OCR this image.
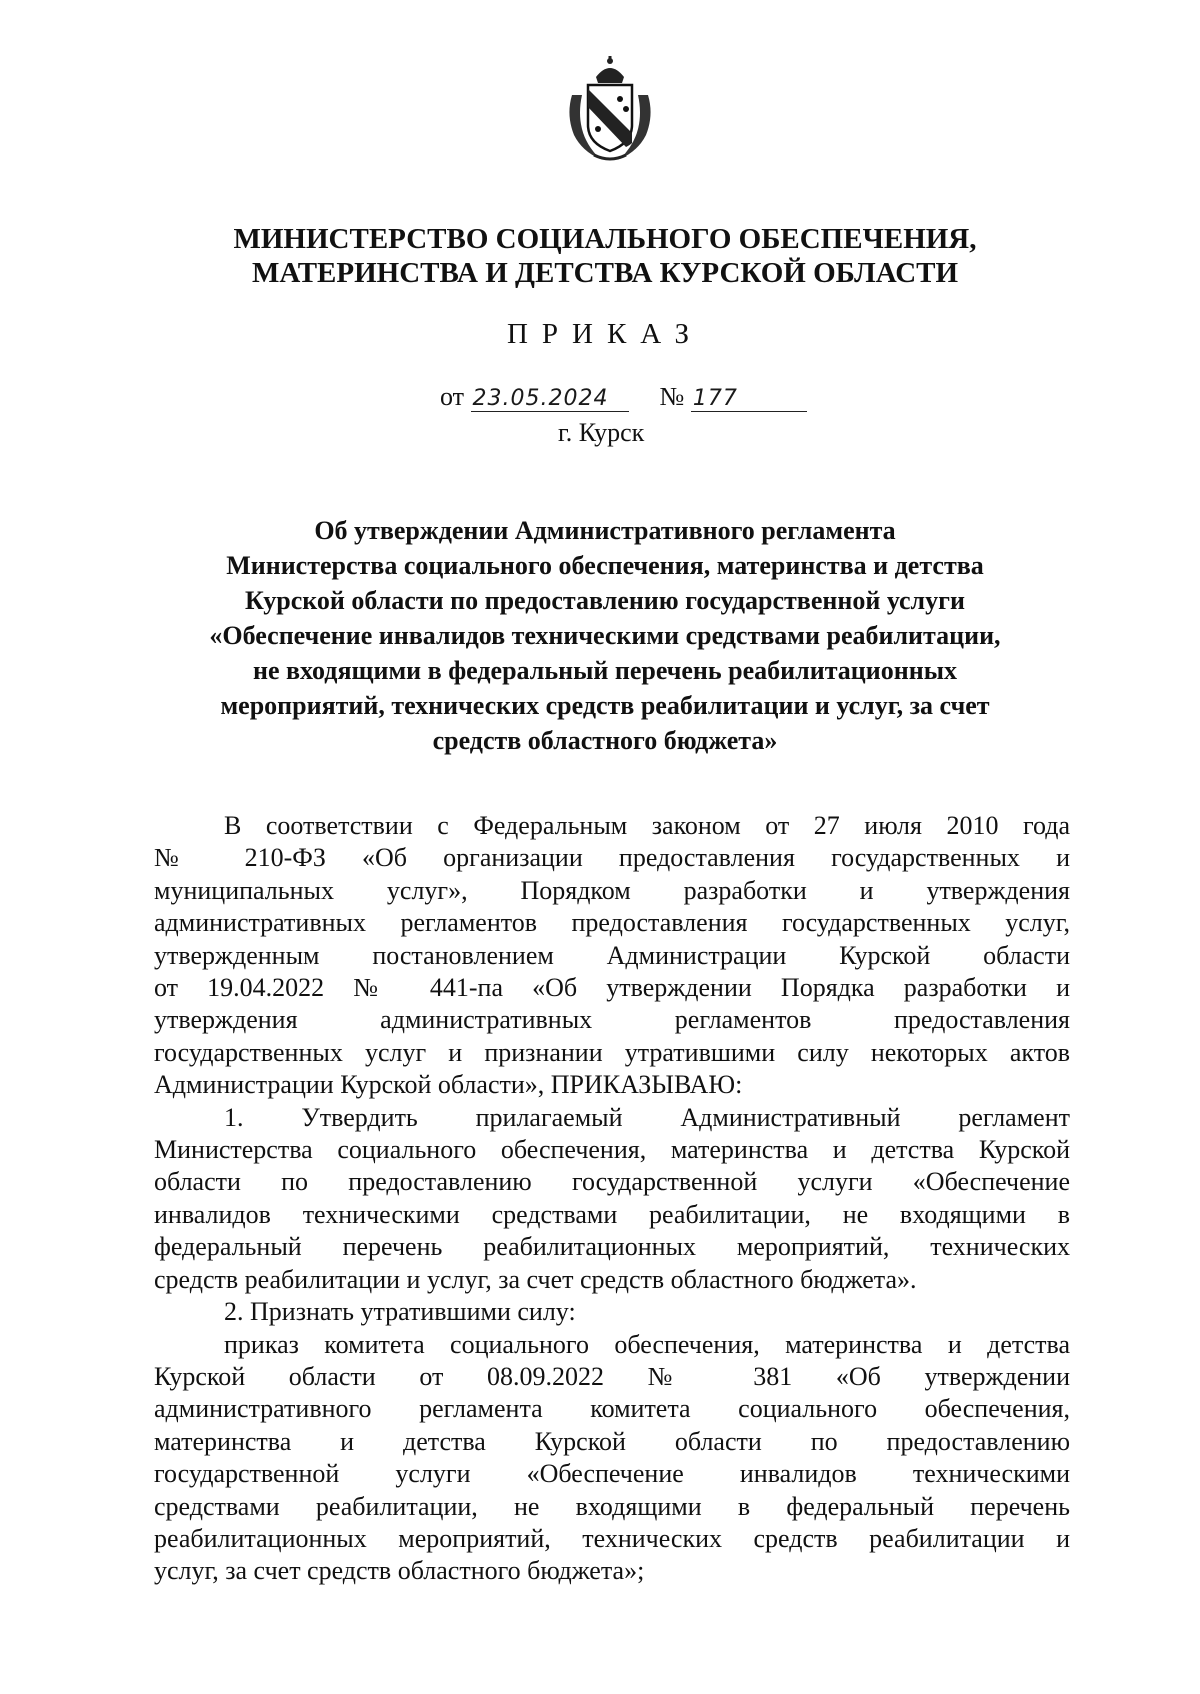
МИНИСТЕРСТВО СОЦИАЛЬНОГО ОБЕСПЕЧЕНИЯ,
МАТЕРИНСТВА И ДЕТСТВА КУРСКОЙ ОБЛАСТИ
ПРИКАЗ
от 23.05.2024 № 177
г. Курск
Об утверждении Административного регламента
Министерства социального обеспечения, материнства и детства
Курской области по предоставлению государственной услуги
«Обеспечение инвалидов техническими средствами реабилитации,
не входящими в федеральный перечень реабилитационных
мероприятий, технических средств реабилитации и услуг, за счет
средств областного бюджета»
В соответствии с Федеральным законом от 27 июля 2010 года
№ 210-ФЗ «Об организации предоставления государственных и
муниципальных услуг», Порядком разработки и утверждения
административных регламентов предоставления государственных услуг,
утвержденным постановлением Администрации Курской области
от 19.04.2022 № 441-па «Об утверждении Порядка разработки и
утверждения административных регламентов предоставления
государственных услуг и признании утратившими силу некоторых актов
Администрации Курской области», ПРИКАЗЫВАЮ:
1. Утвердить прилагаемый Административный регламент
Министерства социального обеспечения, материнства и детства Курской
области по предоставлению государственной услуги «Обеспечение
инвалидов техническими средствами реабилитации, не входящими в
федеральный перечень реабилитационных мероприятий, технических
средств реабилитации и услуг, за счет средств областного бюджета».
2. Признать утратившими силу:
приказ комитета социального обеспечения, материнства и детства
Курской области от 08.09.2022 № 381 «Об утверждении
административного регламента комитета социального обеспечения,
материнства и детства Курской области по предоставлению
государственной услуги «Обеспечение инвалидов техническими
средствами реабилитации, не входящими в федеральный перечень
реабилитационных мероприятий, технических средств реабилитации и
услуг, за счет средств областного бюджета»;
